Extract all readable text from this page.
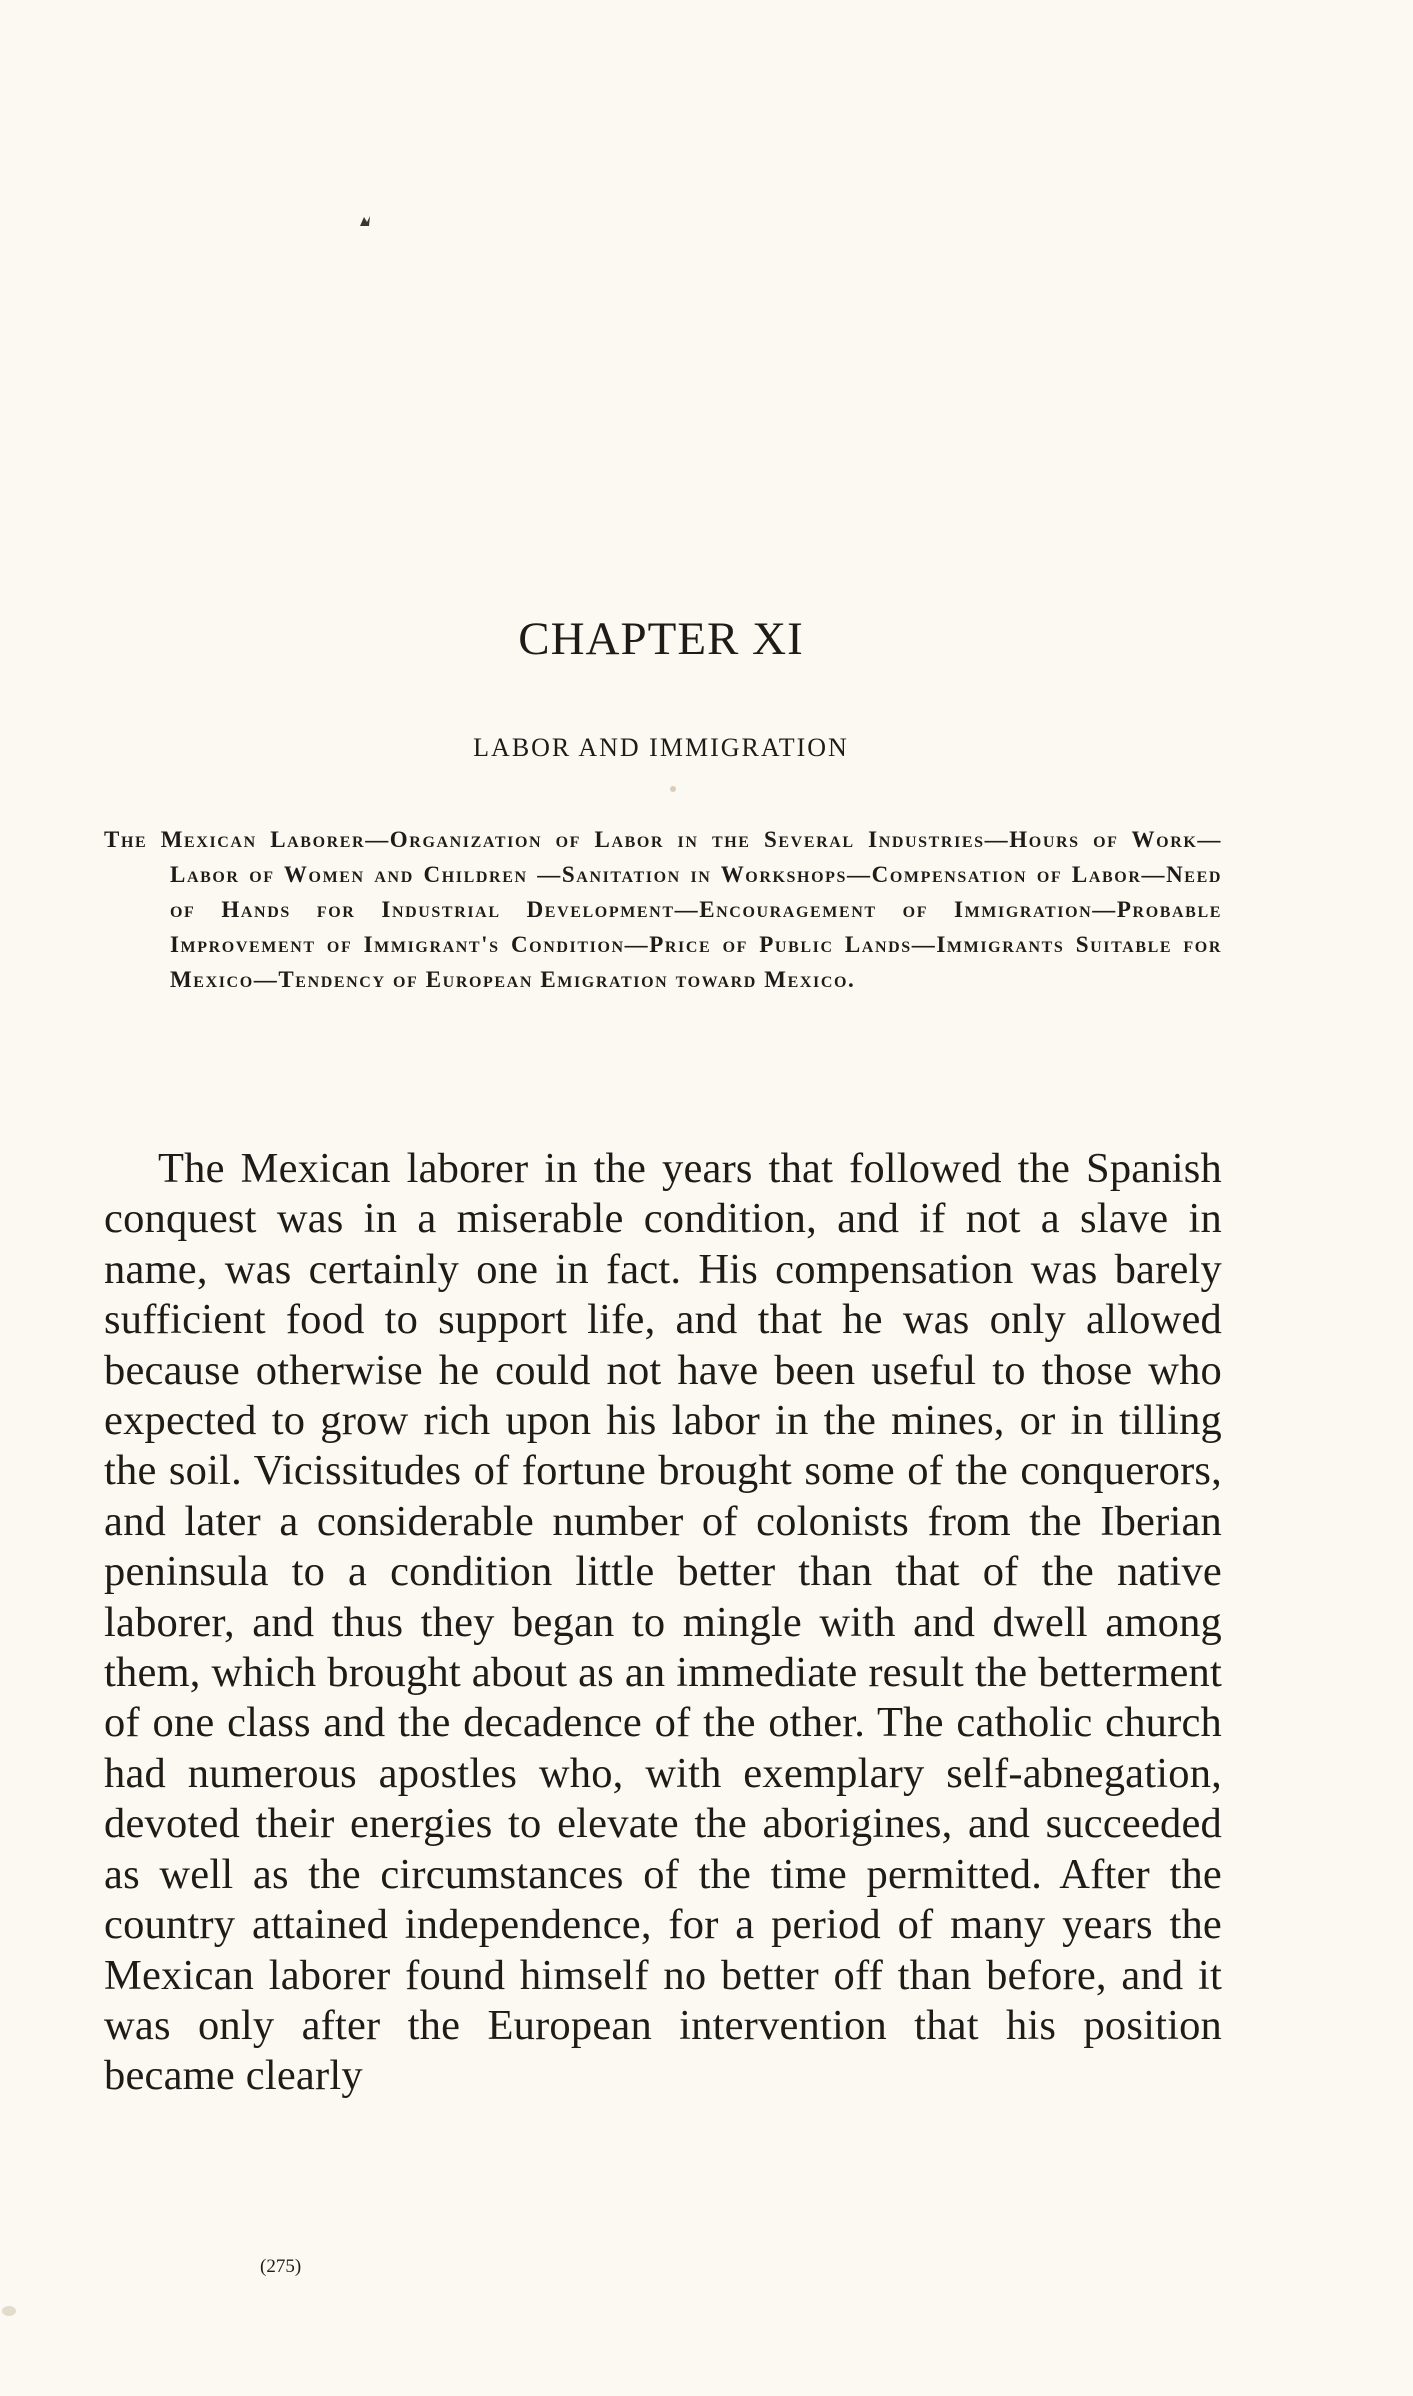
CHAPTER XI
LABOR AND IMMIGRATION

The Mexican Laborer—Organization of Labor in the Several Industries—Hours of Work—Labor of Women and Children —Sanitation in Workshops—Compensation of Labor—Need of Hands for Industrial Development—Encouragement of Immigration—Probable Improvement of Immigrant's Condition—Price of Public Lands—Immigrants Suitable for Mexico—Tendency of European Emigration toward Mexico.

The Mexican laborer in the years that followed the Spanish conquest was in a miserable condition, and if not a slave in name, was certainly one in fact. His compensation was barely sufficient food to support life, and that he was only allowed because otherwise he could not have been useful to those who expected to grow rich upon his labor in the mines, or in tilling the soil. Vicissitudes of fortune brought some of the conquerors, and later a considerable number of colonists from the Iberian peninsula to a condition little better than that of the native laborer, and thus they began to mingle with and dwell among them, which brought about as an immediate result the betterment of one class and the decadence of the other. The catholic church had numerous apostles who, with exemplary self-abnegation, devoted their energies to elevate the aborigines, and succeeded as well as the circumstances of the time permitted. After the country attained independence, for a period of many years the Mexican laborer found himself no better off than before, and it was only after the European intervention that his position became clearly

(275)
